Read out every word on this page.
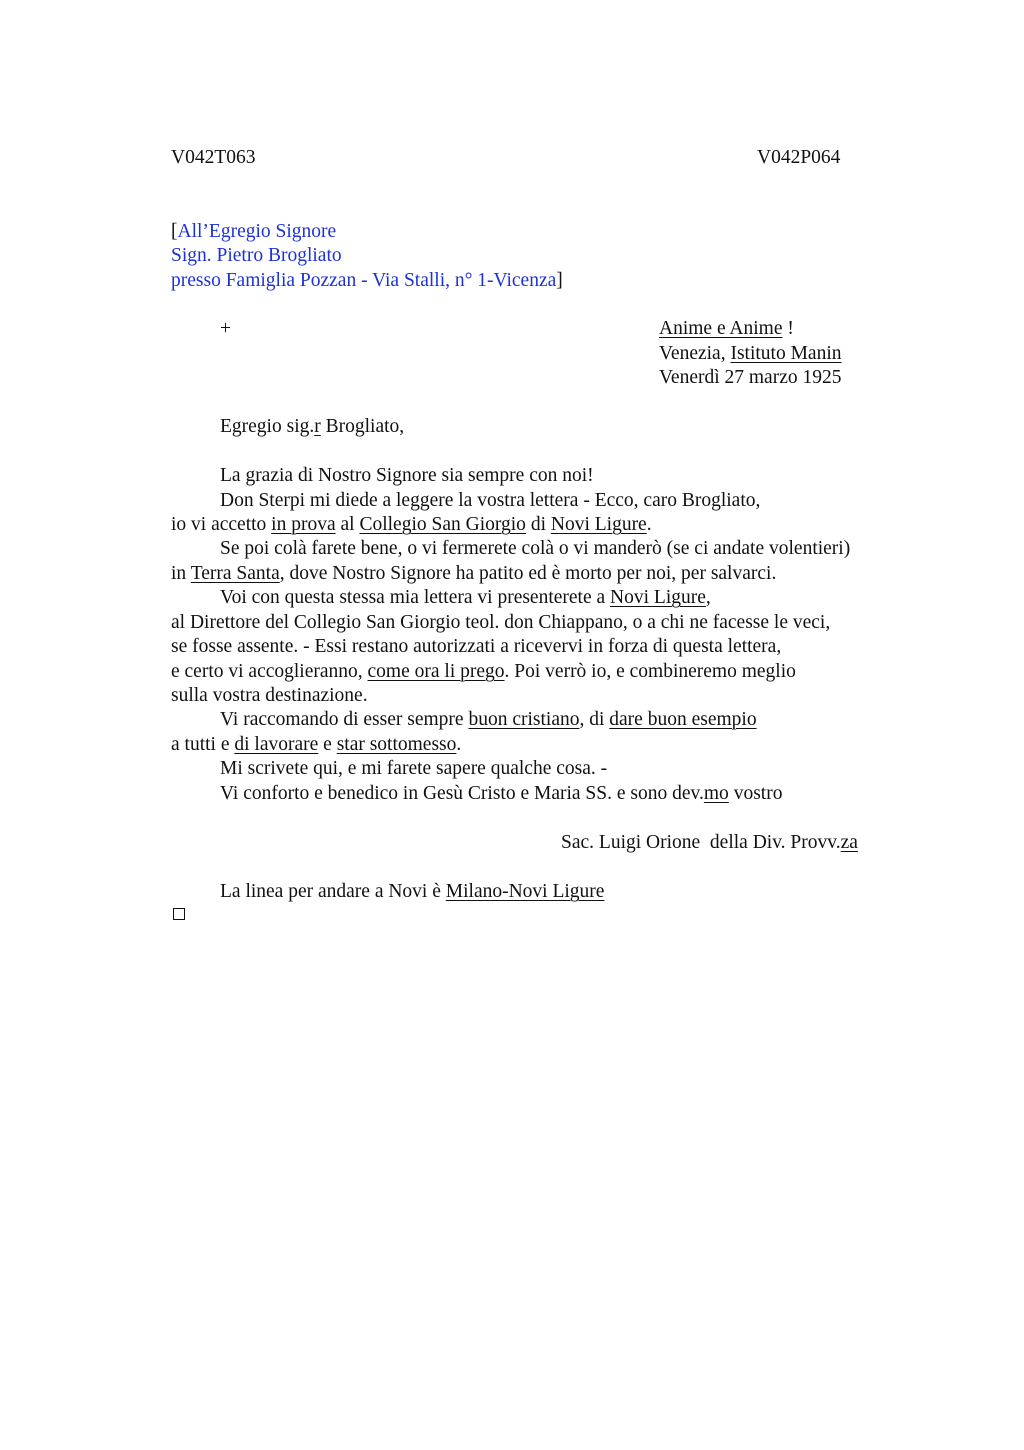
V042T063	V042P064
[All’Egregio Signore
Sign. Pietro Brogliato
presso Famiglia Pozzan - Via Stalli, n° 1-Vicenza]
+	Anime e Anime !
Venezia, Istituto Manin
Venerdì 27 marzo 1925
Egregio sig.r Brogliato,
La grazia di Nostro Signore sia sempre con noi!
Don Sterpi mi diede a leggere la vostra lettera - Ecco, caro Brogliato,
io vi accetto in prova al Collegio San Giorgio di Novi Ligure.
Se poi colà farete bene, o vi fermerete colà o vi manderò (se ci andate volentieri)
in Terra Santa, dove Nostro Signore ha patito ed è morto per noi, per salvarci.
Voi con questa stessa mia lettera vi presenterete a Novi Ligure,
al Direttore del Collegio San Giorgio teol. don Chiappano, o a chi ne facesse le veci,
se fosse assente. - Essi restano autorizzati a ricevervi in forza di questa lettera,
e certo vi accoglieranno, come ora li prego. Poi verrò io, e combineremo meglio
sulla vostra destinazione.
Vi raccomando di esser sempre buon cristiano, di dare buon esempio
a tutti e di lavorare e star sottomesso.
Mi scrivete qui, e mi farete sapere qualche cosa. -
Vi conforto e benedico in Gesù Cristo e Maria SS. e sono dev.mo vostro
Sac. Luigi Orione  della Div. Provv.za
La linea per andare a Novi è Milano-Novi Ligure
